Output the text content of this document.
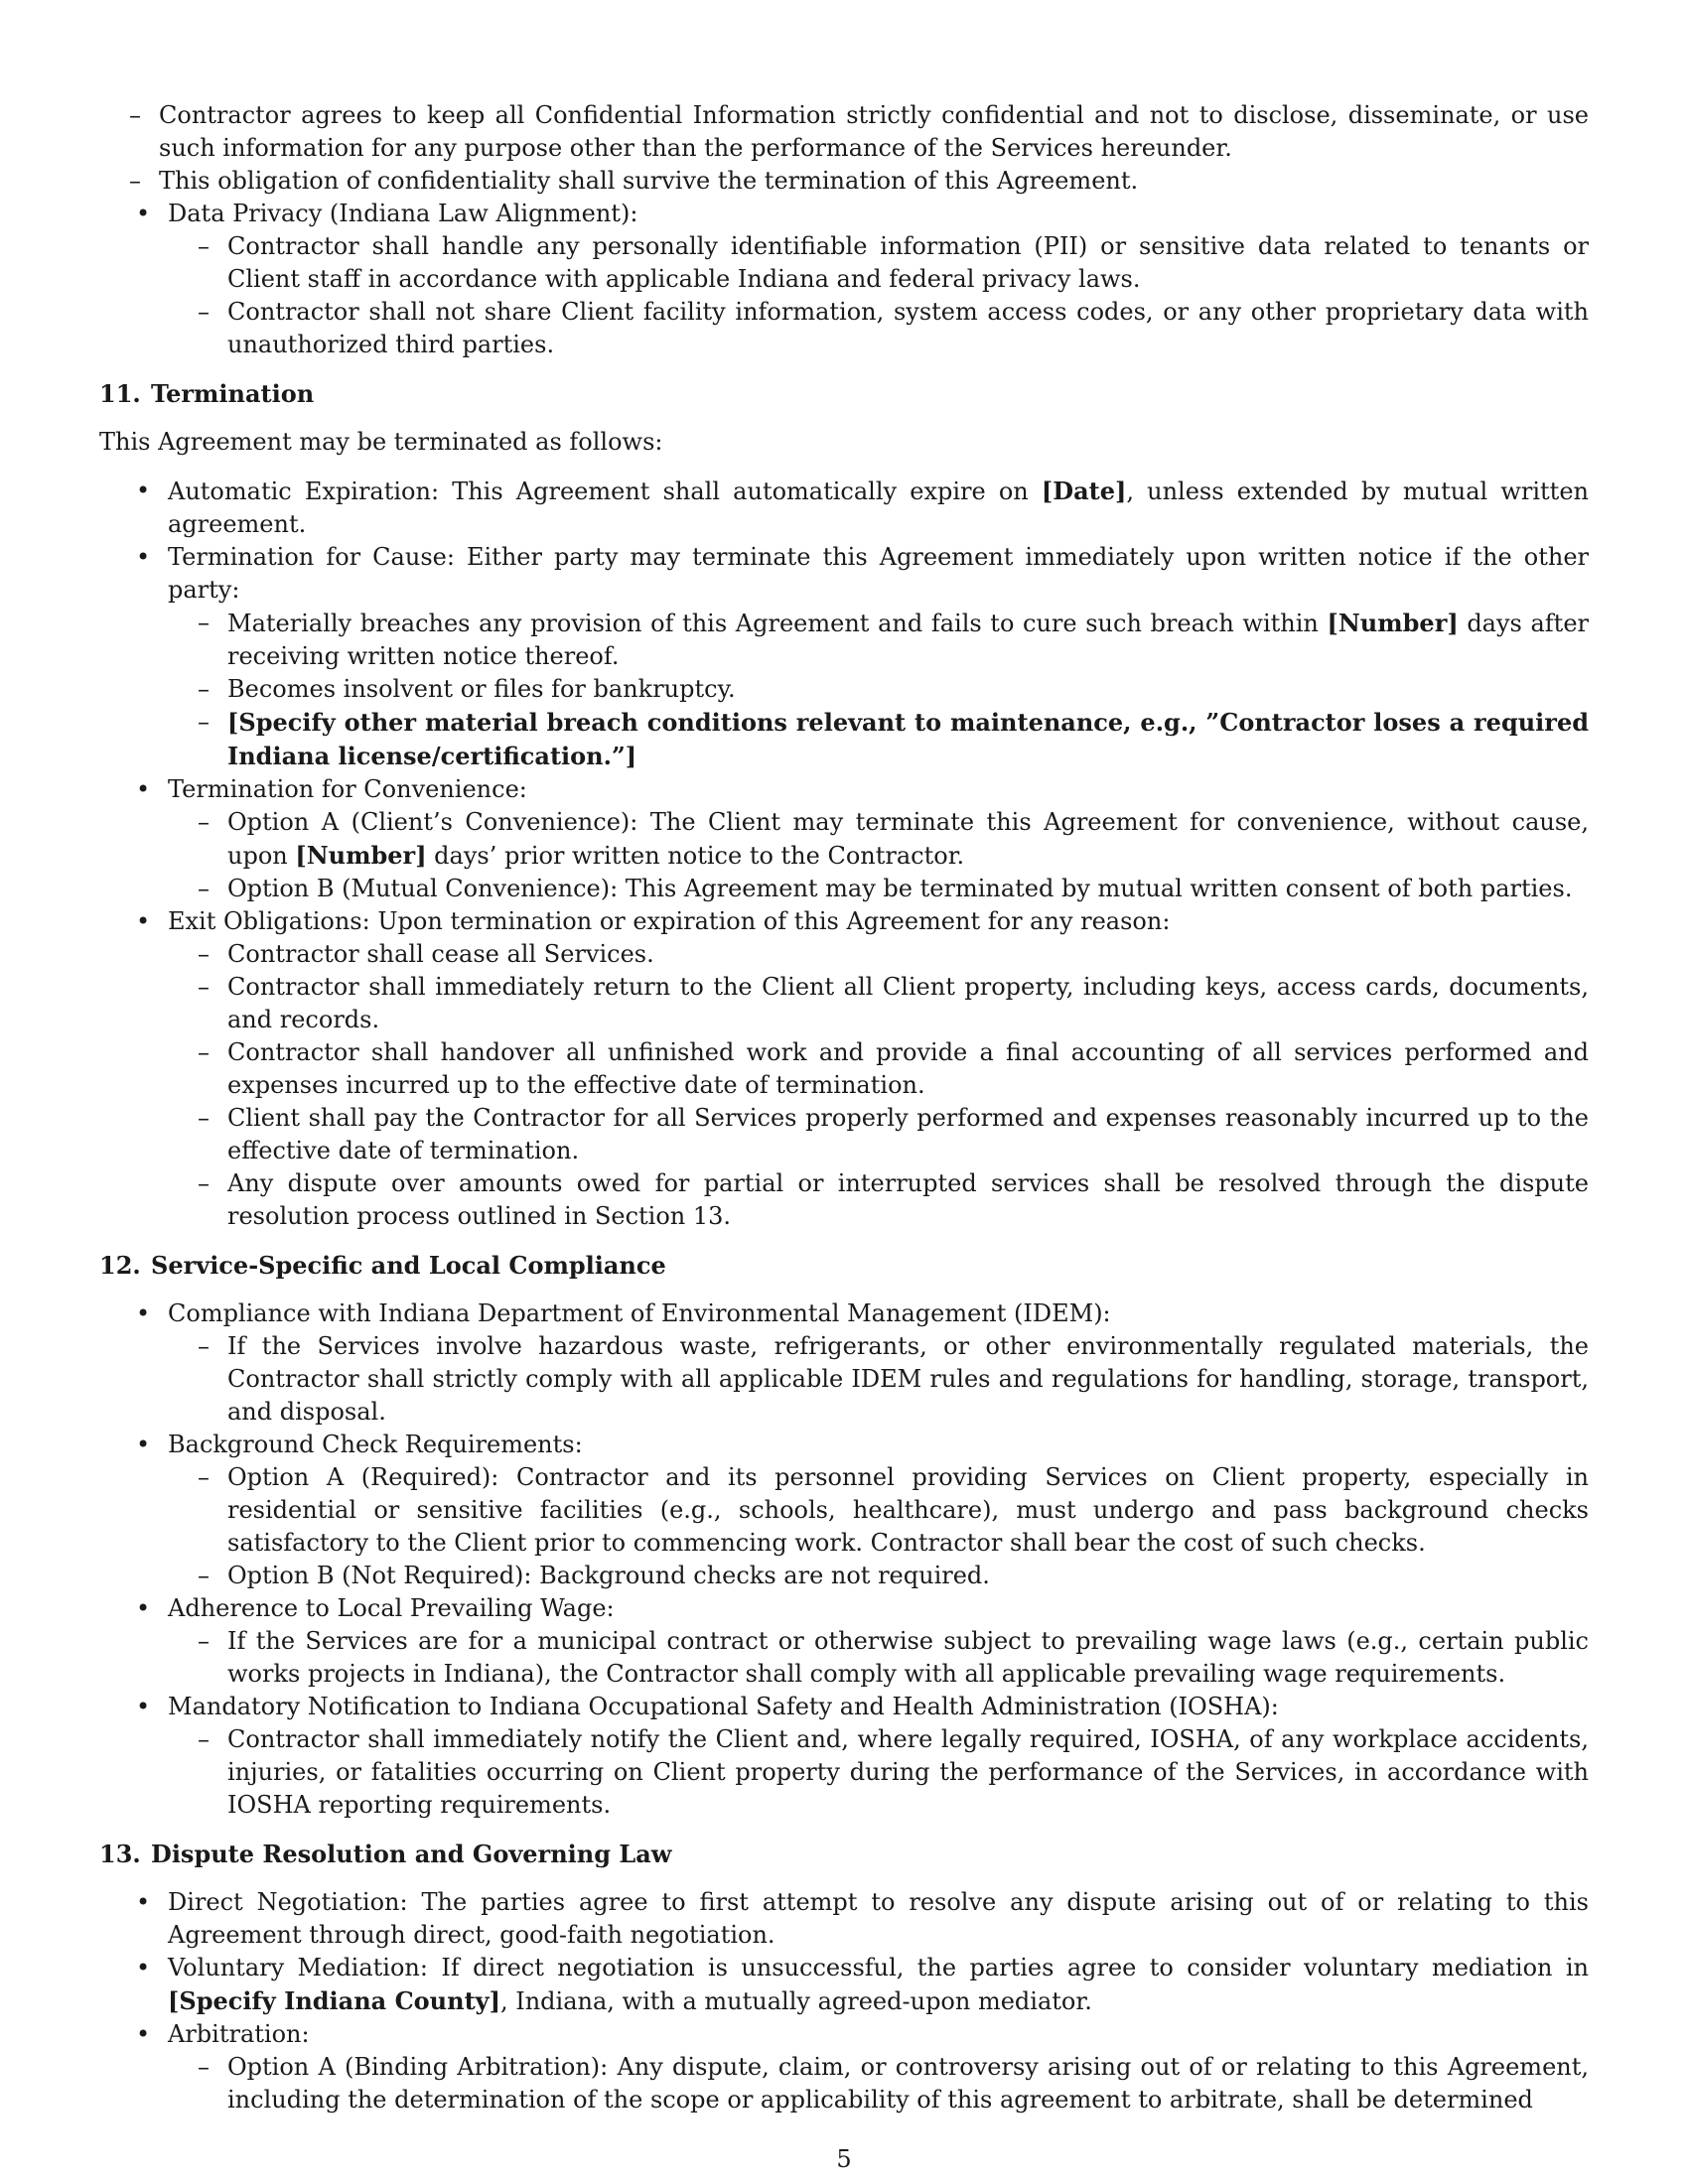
– Contractor agrees to keep all Confidential Information strictly confidential and not to disclose, disseminate, or use such information for any purpose other than the performance of the Services hereunder.
– This obligation of confidentiality shall survive the termination of this Agreement.
• Data Privacy (Indiana Law Alignment):
– Contractor shall handle any personally identifiable information (PII) or sensitive data related to tenants or Client staff in accordance with applicable Indiana and federal privacy laws.
– Contractor shall not share Client facility information, system access codes, or any other proprietary data with unauthorized third parties.
11. Termination

This Agreement may be terminated as follows:

• Automatic Expiration: This Agreement shall automatically expire on [Date], unless extended by mutual written agreement.
• Termination for Cause: Either party may terminate this Agreement immediately upon written notice if the other party:
– Materially breaches any provision of this Agreement and fails to cure such breach within [Number] days after receiving written notice thereof.
– Becomes insolvent or files for bankruptcy.
– [Specify other material breach conditions relevant to maintenance, e.g., ”Contractor loses a required Indiana license/certification.”]
• Termination for Convenience:
– Option A (Client’s Convenience): The Client may terminate this Agreement for convenience, without cause, upon [Number] days’ prior written notice to the Contractor.
– Option B (Mutual Convenience): This Agreement may be terminated by mutual written consent of both parties.
• Exit Obligations: Upon termination or expiration of this Agreement for any reason:
– Contractor shall cease all Services.
– Contractor shall immediately return to the Client all Client property, including keys, access cards, documents, and records.
– Contractor shall handover all unfinished work and provide a final accounting of all services performed and expenses incurred up to the effective date of termination.
– Client shall pay the Contractor for all Services properly performed and expenses reasonably incurred up to the effective date of termination.
– Any dispute over amounts owed for partial or interrupted services shall be resolved through the dispute resolution process outlined in Section 13.
12. Service-Specific and Local Compliance
• Compliance with Indiana Department of Environmental Management (IDEM):
– If the Services involve hazardous waste, refrigerants, or other environmentally regulated materials, the Contractor shall strictly comply with all applicable IDEM rules and regulations for handling, storage, transport, and disposal.
• Background Check Requirements:
– Option A (Required): Contractor and its personnel providing Services on Client property, especially in residential or sensitive facilities (e.g., schools, healthcare), must undergo and pass background checks satisfactory to the Client prior to commencing work. Contractor shall bear the cost of such checks.
– Option B (Not Required): Background checks are not required.
• Adherence to Local Prevailing Wage:
– If the Services are for a municipal contract or otherwise subject to prevailing wage laws (e.g., certain public works projects in Indiana), the Contractor shall comply with all applicable prevailing wage requirements.
• Mandatory Notification to Indiana Occupational Safety and Health Administration (IOSHA):
– Contractor shall immediately notify the Client and, where legally required, IOSHA, of any workplace accidents, injuries, or fatalities occurring on Client property during the performance of the Services, in accordance with IOSHA reporting requirements.
13. Dispute Resolution and Governing Law
• Direct Negotiation: The parties agree to first attempt to resolve any dispute arising out of or relating to this Agreement through direct, good-faith negotiation.
• Voluntary Mediation: If direct negotiation is unsuccessful, the parties agree to consider voluntary mediation in [Specify Indiana County], Indiana, with a mutually agreed-upon mediator.
• Arbitration:
– Option A (Binding Arbitration): Any dispute, claim, or controversy arising out of or relating to this Agreement, including the determination of the scope or applicability of this agreement to arbitrate, shall be determined
5
